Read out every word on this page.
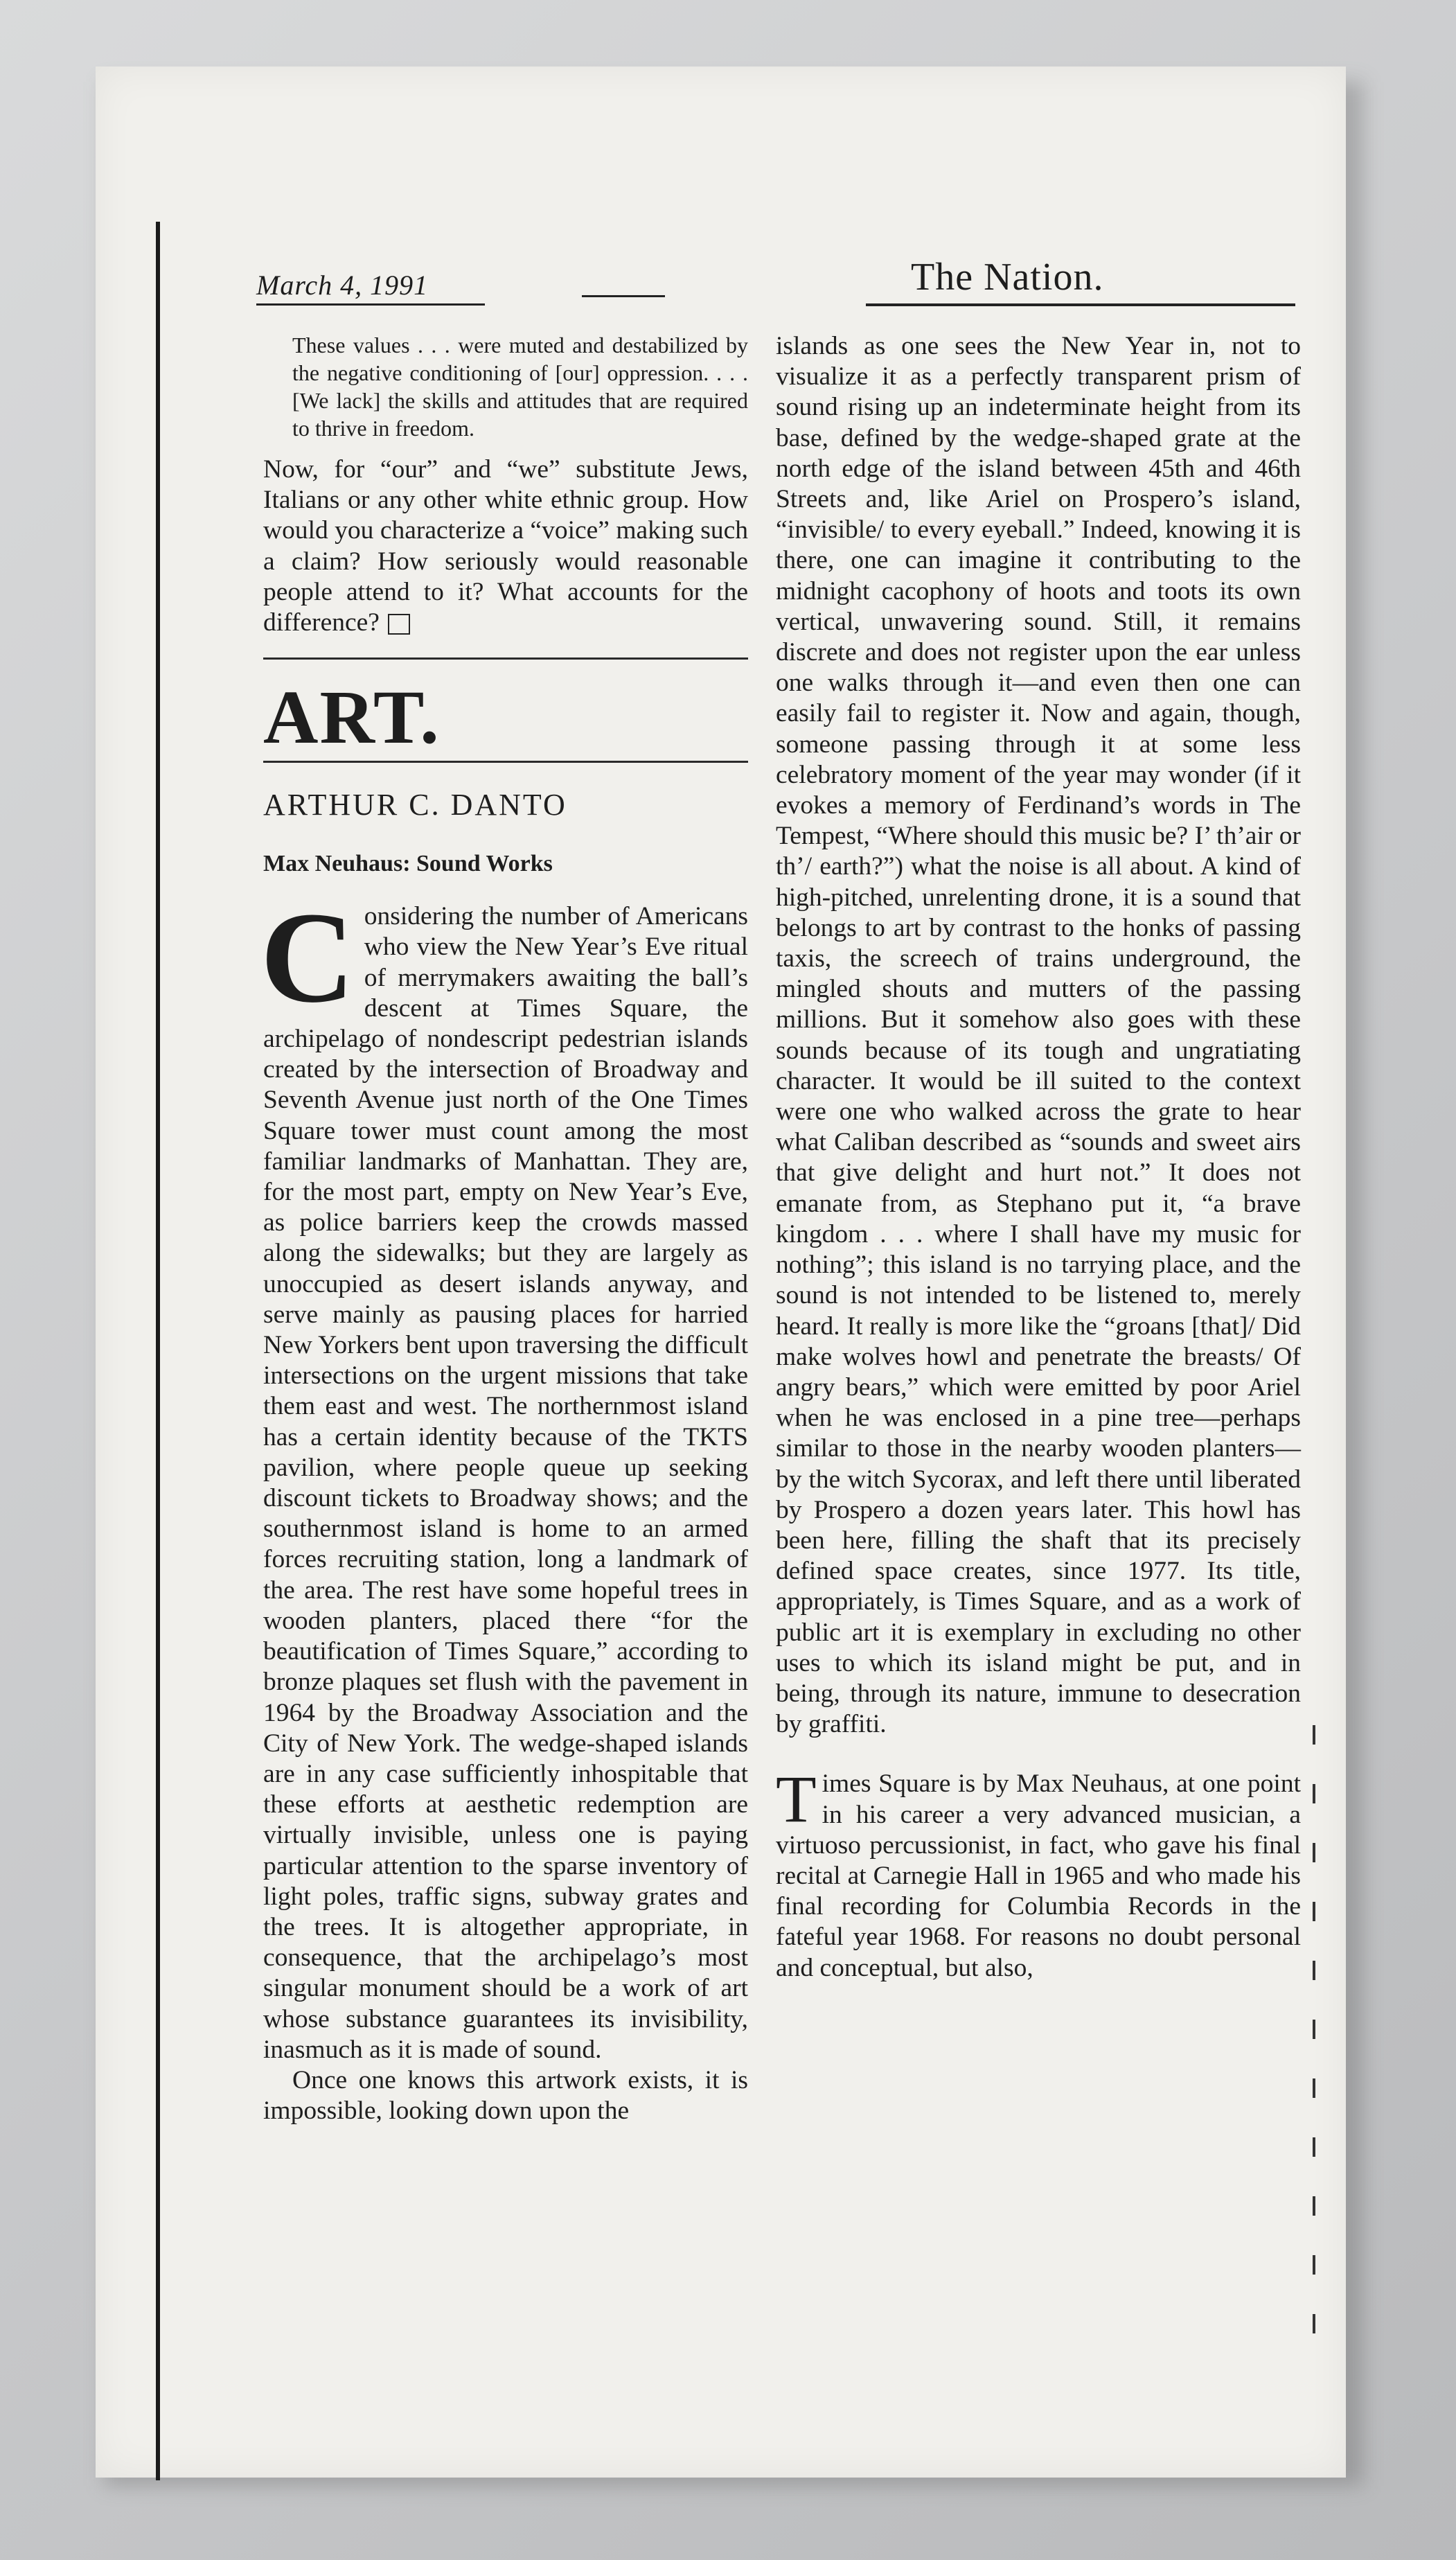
March 4, 1991	The Nation.

These values . . . were muted and destabilized by the negative conditioning of [our] oppression. . . . [We lack] the skills and attitudes that are required to thrive in freedom.

Now, for “our” and “we” substitute Jews, Italians or any other white ethnic group. How would you characterize a “voice” making such a claim? How seriously would reasonable people attend to it? What accounts for the difference?

ART.

ARTHUR C. DANTO

Max Neuhaus: Sound Works

Considering the number of Americans who view the New Year’s Eve ritual of merrymakers awaiting the ball’s descent at Times Square, the archipelago of nondescript pedestrian islands created by the intersection of Broadway and Seventh Avenue just north of the One Times Square tower must count among the most familiar landmarks of Manhattan. They are, for the most part, empty on New Year’s Eve, as police barriers keep the crowds massed along the sidewalks; but they are largely as unoccupied as desert islands anyway, and serve mainly as pausing places for harried New Yorkers bent upon traversing the difficult intersections on the urgent missions that take them east and west. The northernmost island has a certain identity because of the TKTS pavilion, where people queue up seeking discount tickets to Broadway shows; and the southernmost island is home to an armed forces recruiting station, long a landmark of the area. The rest have some hopeful trees in wooden planters, placed there “for the beautification of Times Square,” according to bronze plaques set flush with the pavement in 1964 by the Broadway Association and the City of New York. The wedge-shaped islands are in any case sufficiently inhospitable that these efforts at aesthetic redemption are virtually invisible, unless one is paying particular attention to the sparse inventory of light poles, traffic signs, subway grates and the trees. It is altogether appropriate, in consequence, that the archipelago’s most singular monument should be a work of art whose substance guarantees its invisibility, inasmuch as it is made of sound.

Once one knows this artwork exists, it is impossible, looking down upon the

islands as one sees the New Year in, not to visualize it as a perfectly transparent prism of sound rising up an indeterminate height from its base, defined by the wedge-shaped grate at the north edge of the island between 45th and 46th Streets and, like Ariel on Prospero’s island, “invisible/ to every eyeball.” Indeed, knowing it is there, one can imagine it contributing to the midnight cacophony of hoots and toots its own vertical, unwavering sound. Still, it remains discrete and does not register upon the ear unless one walks through it—and even then one can easily fail to register it. Now and again, though, someone passing through it at some less celebratory moment of the year may wonder (if it evokes a memory of Ferdinand’s words in The Tempest, “Where should this music be? I’ th’air or th’/ earth?”) what the noise is all about. A kind of high-pitched, unrelenting drone, it is a sound that belongs to art by contrast to the honks of passing taxis, the screech of trains underground, the mingled shouts and mutters of the passing millions. But it somehow also goes with these sounds because of its tough and ungratiating character. It would be ill suited to the context were one who walked across the grate to hear what Caliban described as “sounds and sweet airs that give delight and hurt not.” It does not emanate from, as Stephano put it, “a brave kingdom . . . where I shall have my music for nothing”; this island is no tarrying place, and the sound is not intended to be listened to, merely heard. It really is more like the “groans [that]/ Did make wolves howl and penetrate the breasts/ Of angry bears,” which were emitted by poor Ariel when he was enclosed in a pine tree—perhaps similar to those in the nearby wooden planters—by the witch Sycorax, and left there until liberated by Prospero a dozen years later. This howl has been here, filling the shaft that its precisely defined space creates, since 1977. Its title, appropriately, is Times Square, and as a work of public art it is exemplary in excluding no other uses to which its island might be put, and in being, through its nature, immune to desecration by graffiti.

Times Square is by Max Neuhaus, at one point in his career a very advanced musician, a virtuoso percussionist, in fact, who gave his final recital at Carnegie Hall in 1965 and who made his final recording for Columbia Records in the fateful year 1968. For reasons no doubt personal and conceptual, but also,
